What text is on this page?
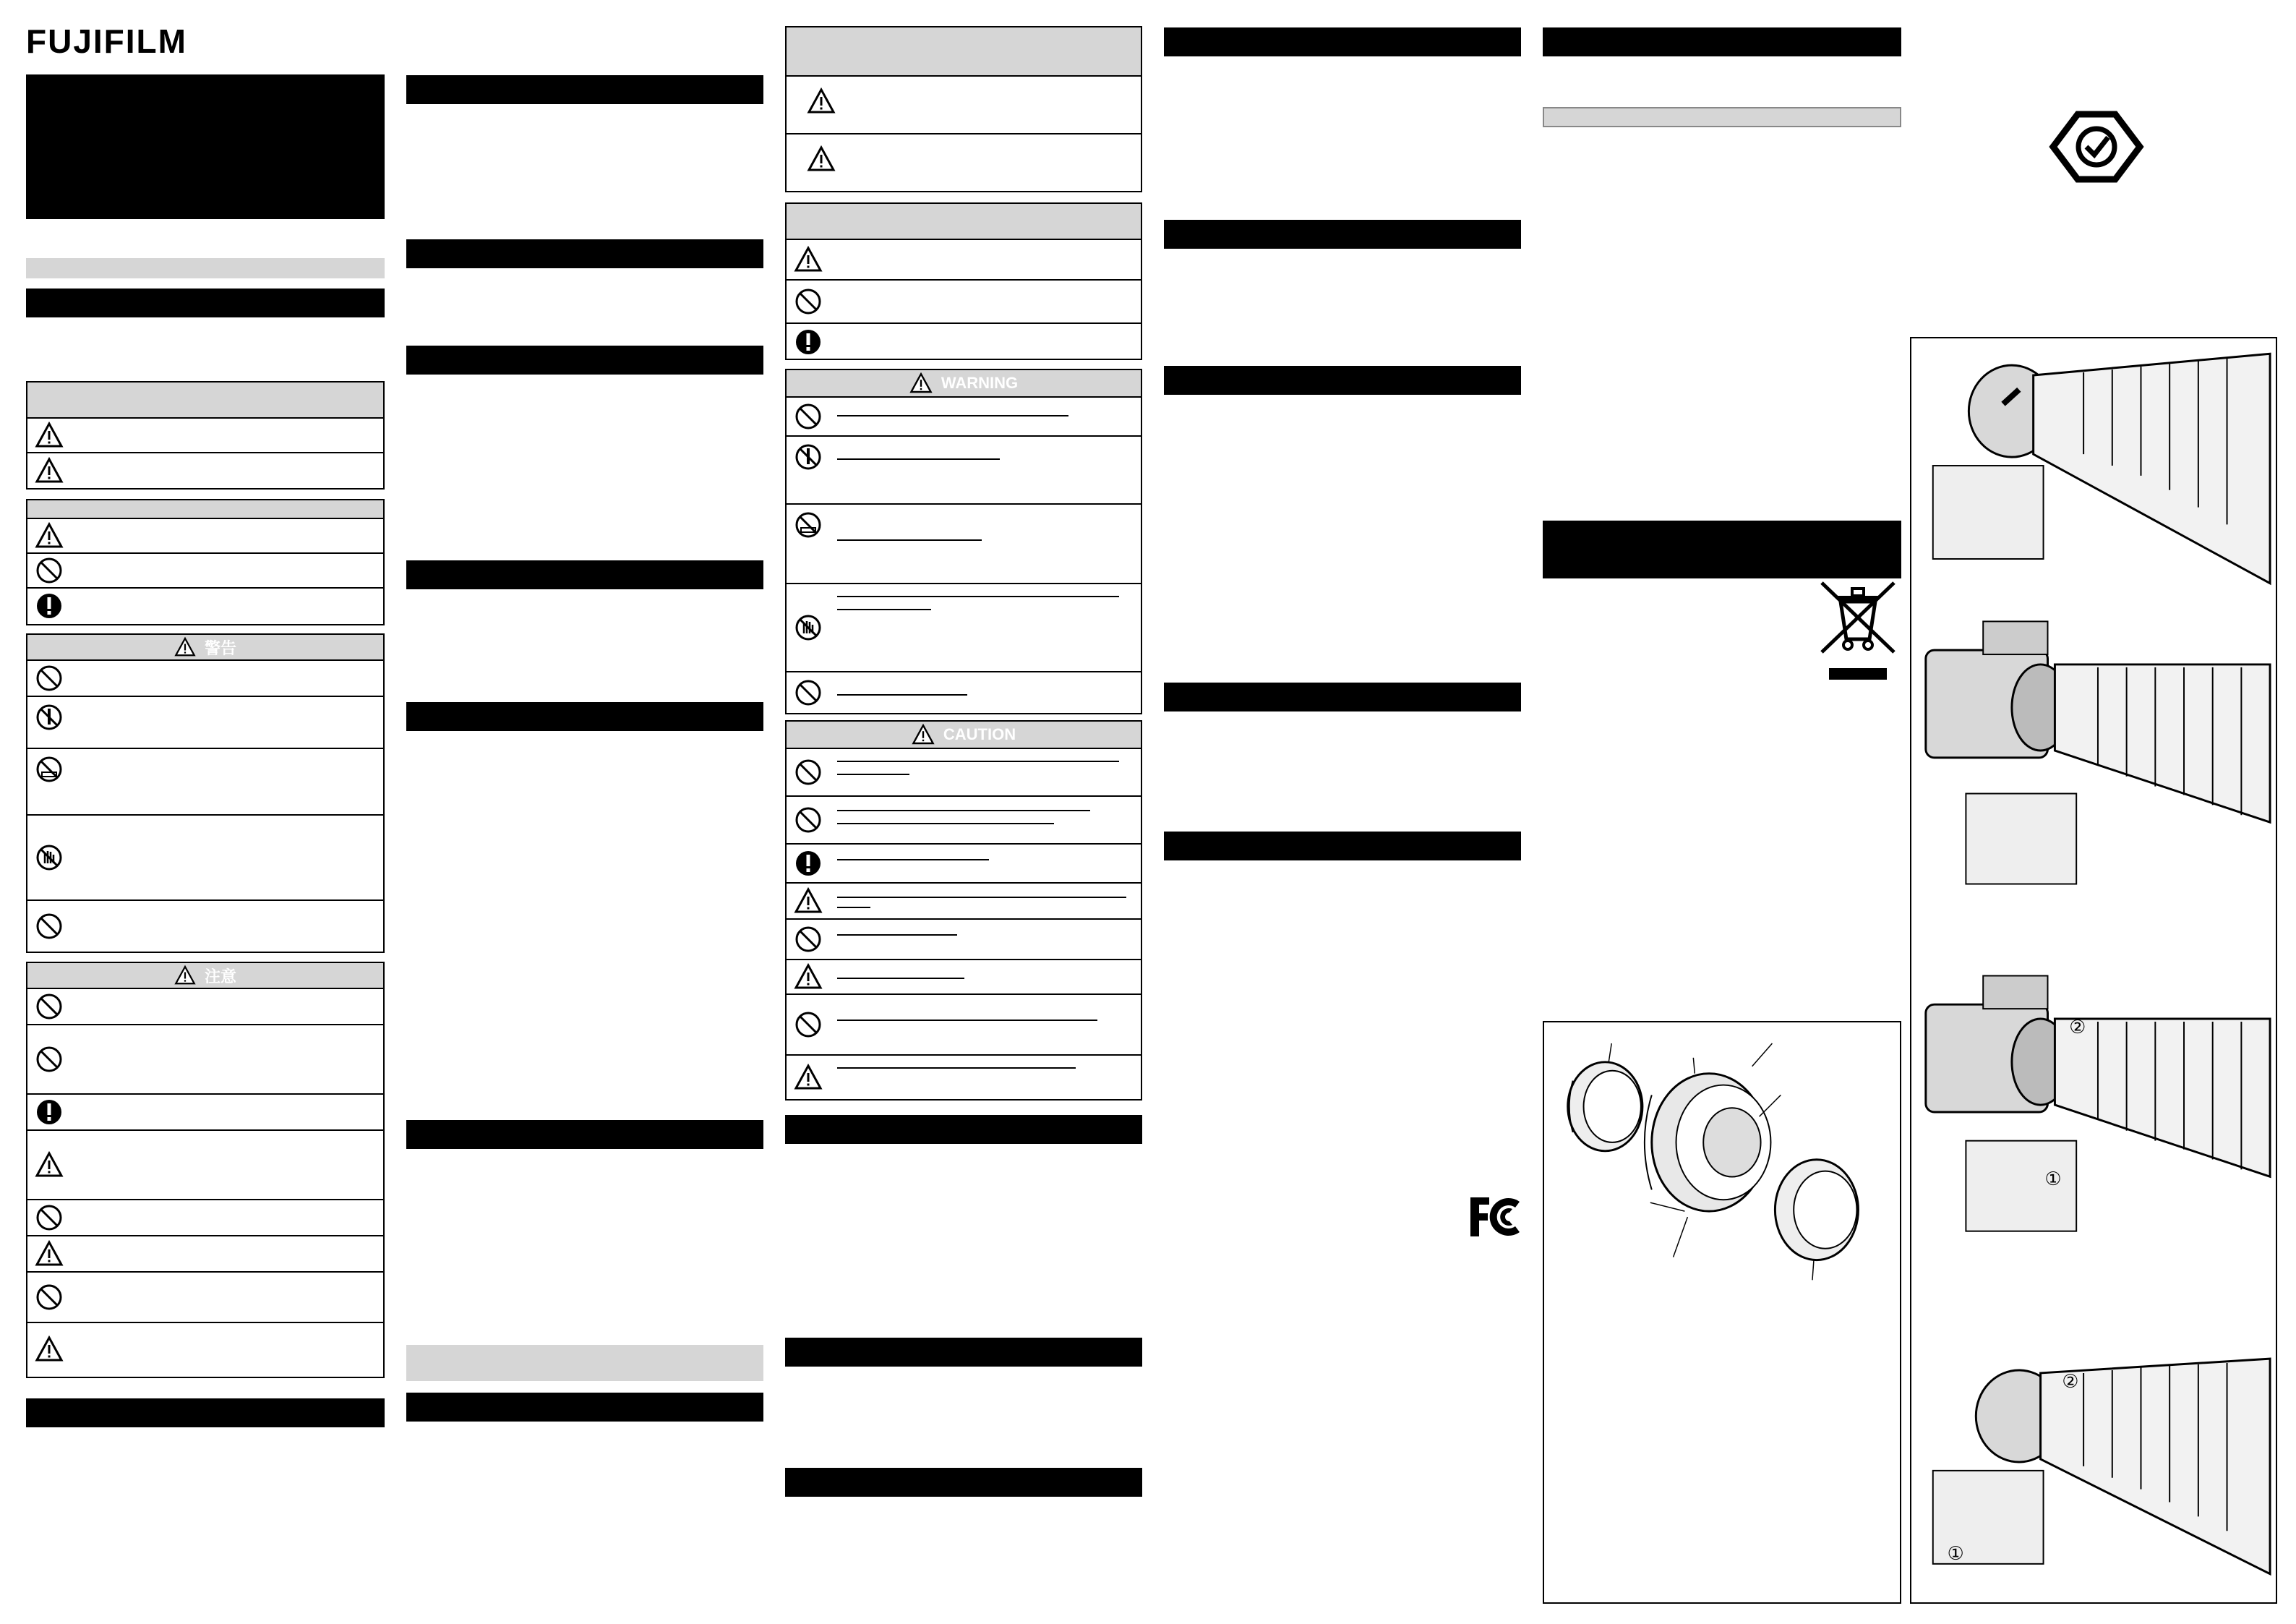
FUJIFILM
警告
注意
WARNING
CAUTION
②
①
②
①
